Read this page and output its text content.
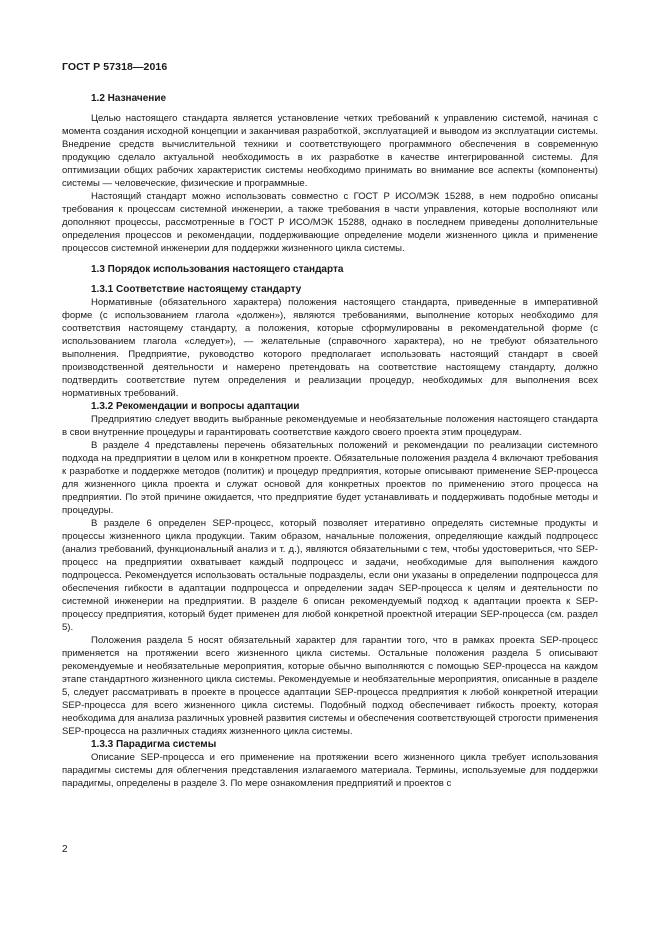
ГОСТ Р 57318—2016
1.2 Назначение

Целью настоящего стандарта является установление четких требований к управлению системой, начиная с момента создания исходной концепции и заканчивая разработкой, эксплуатацией и выводом из эксплуатации системы. Внедрение средств вычислительной техники и соответствующего программного обеспечения в современную продукцию сделало актуальной необходимость в их разработке в качестве интегрированной системы. Для оптимизации общих рабочих характеристик системы необходимо принимать во внимание все аспекты (компоненты) системы — человеческие, физические и программные.

Настоящий стандарт можно использовать совместно с ГОСТ Р ИСО/МЭК 15288, в нем подробно описаны требования к процессам системной инженерии, а также требования в части управления, которые восполняют или дополняют процессы, рассмотренные в ГОСТ Р ИСО/МЭК 15288, однако в последнем приведены дополнительные определения процессов и рекомендации, поддерживающие определение модели жизненного цикла и применение процессов системной инженерии для поддержки жизненного цикла системы.

1.3 Порядок использования настоящего стандарта
1.3.1 Соответствие настоящему стандарту

Нормативные (обязательного характера) положения настоящего стандарта, приведенные в императивной форме (с использованием глагола «должен»), являются требованиями, выполнение которых необходимо для соответствия настоящему стандарту, а положения, которые сформулированы в рекомендательной форме (с использованием глагола «следует»), — желательные (справочного характера), но не требуют обязательного выполнения. Предприятие, руководство которого предполагает использовать настоящий стандарт в своей производственной деятельности и намерено претендовать на соответствие настоящему стандарту, должно подтвердить соответствие путем определения и реализации процедур, необходимых для выполнения всех нормативных требований.

1.3.2 Рекомендации и вопросы адаптации

Предприятию следует вводить выбранные рекомендуемые и необязательные положения настоящего стандарта в свои внутренние процедуры и гарантировать соответствие каждого своего проекта этим процедурам.

В разделе 4 представлены перечень обязательных положений и рекомендации по реализации системного подхода на предприятии в целом или в конкретном проекте. Обязательные положения раздела 4 включают требования к разработке и поддержке методов (политик) и процедур предприятия, которые описывают применение SEP-процесса для жизненного цикла проекта и служат основой для конкретных проектов по применению этого процесса на предприятии. По этой причине ожидается, что предприятие будет устанавливать и поддерживать подобные методы и процедуры.

В разделе 6 определен SEP-процесс, который позволяет итеративно определять системные продукты и процессы жизненного цикла продукции. Таким образом, начальные положения, определяющие каждый подпроцесс (анализ требований, функциональный анализ и т. д.), являются обязательными с тем, чтобы удостовериться, что SEP-процесс на предприятии охватывает каждый подпроцесс и задачи, необходимые для выполнения каждого подпроцесса. Рекомендуется использовать остальные подразделы, если они указаны в определении подпроцесса для обеспечения гибкости в адаптации подпроцесса и определении задач SEP-процесса к целям и деятельности по системной инженерии на предприятии. В разделе 6 описан рекомендуемый подход к адаптации проекта к SEP-процессу предприятия, который будет применен для любой конкретной проектной итерации SEP-процесса (см. раздел 5).

Положения раздела 5 носят обязательный характер для гарантии того, что в рамках проекта SEP-процесс применяется на протяжении всего жизненного цикла системы. Остальные положения раздела 5 описывают рекомендуемые и необязательные мероприятия, которые обычно выполняются с помощью SEP-процесса на каждом этапе стандартного жизненного цикла системы. Рекомендуемые и необязательные мероприятия, описанные в разделе 5, следует рассматривать в проекте в процессе адаптации SEP-процесса предприятия к любой конкретной итерации SEP-процесса для всего жизненного цикла системы. Подобный подход обеспечивает гибкость проекту, которая необходима для анализа различных уровней развития системы и обеспечения соответствующей строгости применения SEP-процесса на различных стадиях жизненного цикла системы.

1.3.3 Парадигма системы

Описание SEP-процесса и его применение на протяжении всего жизненного цикла требует использования парадигмы системы для облегчения представления излагаемого материала. Термины, используемые для поддержки парадигмы, определены в разделе 3. По мере ознакомления предприятий и проектов с

2
